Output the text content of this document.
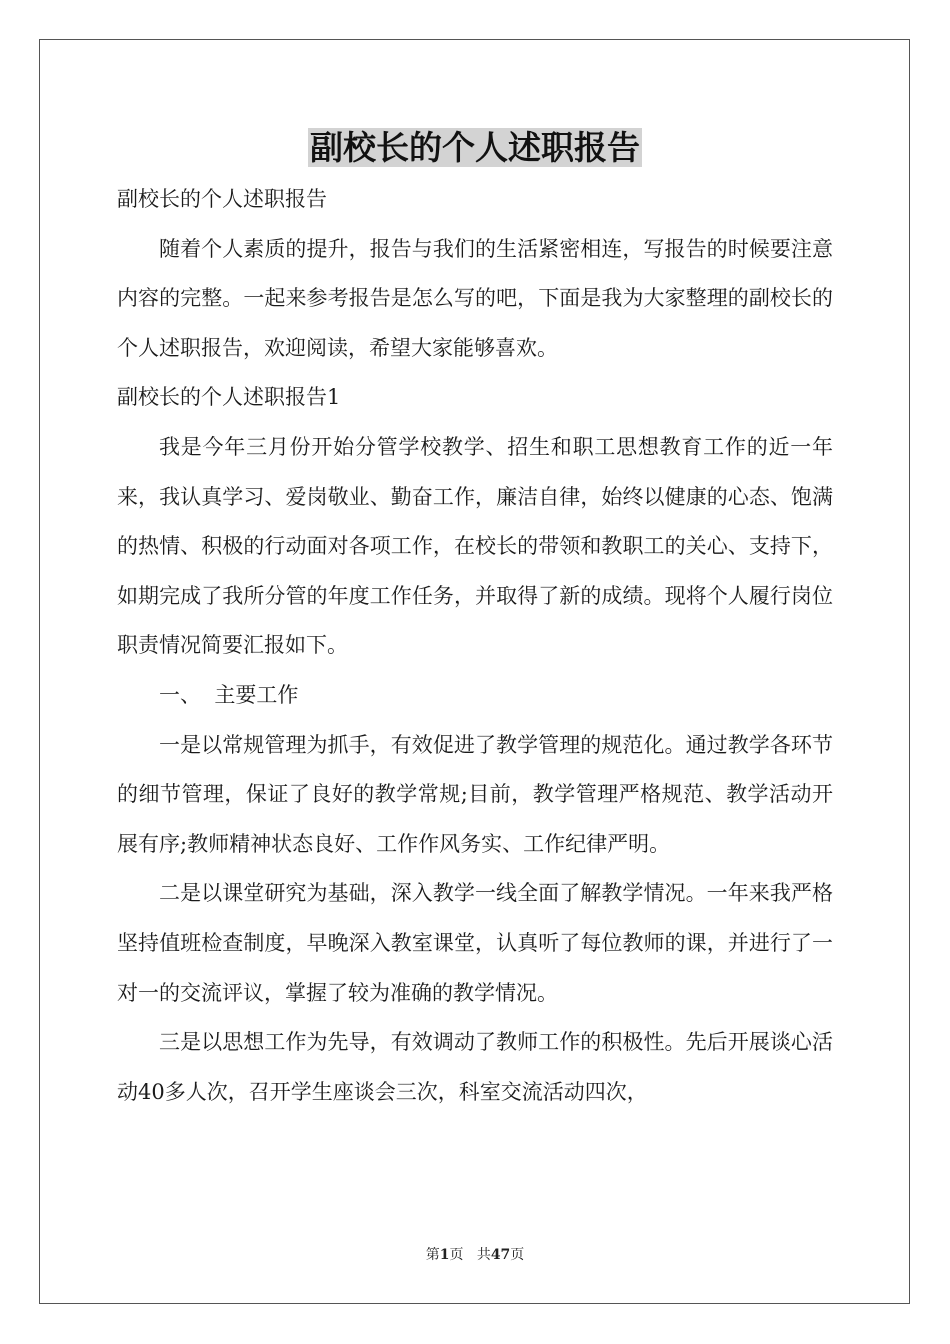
副校长的个人述职报告

副校长的个人述职报告

随着个人素质的提升，报告与我们的生活紧密相连，写报告的时候要注意内容的完整。一起来参考报告是怎么写的吧，下面是我为大家整理的副校长的个人述职报告，欢迎阅读，希望大家能够喜欢。

副校长的个人述职报告1

我是今年三月份开始分管学校教学、招生和职工思想教育工作的近一年来，我认真学习、爱岗敬业、勤奋工作，廉洁自律，始终以健康的心态、饱满的热情、积极的行动面对各项工作，在校长的带领和教职工的关心、支持下，如期完成了我所分管的年度工作任务，并取得了新的成绩。现将个人履行岗位职责情况简要汇报如下。

一、  主要工作

一是以常规管理为抓手，有效促进了教学管理的规范化。通过教学各环节的细节管理，保证了良好的教学常规;目前，教学管理严格规范、教学活动开展有序;教师精神状态良好、工作作风务实、工作纪律严明。

二是以课堂研究为基础，深入教学一线全面了解教学情况。一年来我严格坚持值班检查制度，早晚深入教室课堂，认真听了每位教师的课，并进行了一对一的交流评议，掌握了较为准确的教学情况。

三是以思想工作为先导，有效调动了教师工作的积极性。先后开展谈心活动40多人次，召开学生座谈会三次，科室交流活动四次，

第1页 共47页
